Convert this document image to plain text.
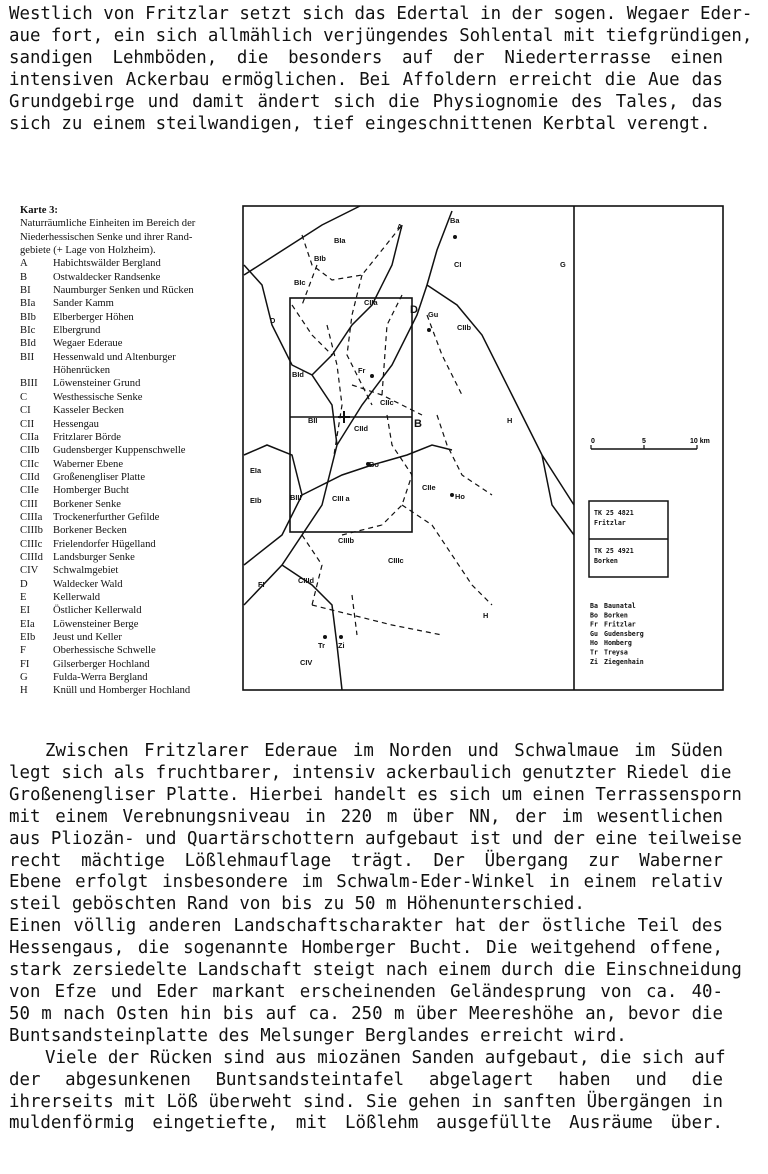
Westlich von Fritzlar setzt sich das Edertal in der sogen. Wegaer Eder-
aue fort, ein sich allmählich verjüngendes Sohlental mit tiefgründigen,
sandigen Lehmböden, die besonders auf der Niederterrasse einen
intensiven Ackerbau ermöglichen. Bei Affoldern erreicht die Aue das
Grundgebirge und damit ändert sich die Physiognomie des Tales, das
sich zu einem steilwandigen, tief eingeschnittenen Kerbtal verengt.
Karte 3:
Naturräumliche Einheiten im Bereich der
Niederhessischen Senke und ihrer Rand-
gebiete (+ Lage von Holzheim).
A	Habichtswälder Bergland
B	Ostwaldecker Randsenke
BI	Naumburger Senken und Rücken
BIa	Sander Kamm
BIb	Elberberger Höhen
BIc	Elbergrund
BId	Wegaer Ederaue
BII	Hessenwald und Altenburger
Höhenrücken
BIII	Löwensteiner Grund
C	Westhessische Senke
CI	Kasseler Becken
CII	Hessengau
CIIa	Fritzlarer Börde
CIIb	Gudensberger Kuppenschwelle
CIIc	Waberner Ebene
CIId	Großenengliser Platte
CIIe	Homberger Bucht
CIII	Borkener Senke
CIIIa	Trockenerfurther Gefilde
CIIIb Borkener Becken
CIIIc	Frielendorfer Hügelland
CIIId Landsburger Senke
CIV	Schwalmgebiet
D	Waldecker Wald
E	Kellerwald
EI	Östlicher Kellerwald
EIa	Löwensteiner Berge
EIb	Jeust und Keller
F	Oberhessische Schwelle
FI	Gilserberger Hochland
G	Fulda-Werra Bergland
H	Knüll und Homberger Hochland
A
Ba
CI	G
BIa
BIb
BIc
CIIa
D
D Gu
CIIb
BId	Fr
BII
CIIc
CIId	B	H
EIa
Bo
CIIe
Ho
EIb	BIII	CIII a
CIIIb
CIIIc
CIIId
FI
H
Tr Zi
CIV
0	5	10 km
TK 25 4821
Fritzlar
TK 25 4921
Borken
Ba Baunatal
Bo Borken
Fr Fritzlar
Gu Gudensberg
Ho Homberg
Tr Treysa
Zi Ziegenhain
Zwischen Fritzlarer Ederaue im Norden und Schwalmaue im Süden
legt sich als fruchtbarer, intensiv ackerbaulich genutzter Riedel die
Großenengliser Platte. Hierbei handelt es sich um einen Terrassensporn
mit einem Verebnungsniveau in 220 m über NN, der im wesentlichen
aus Pliozän- und Quartärschottern aufgebaut ist und der eine teilweise
recht mächtige Lößlehmauflage trägt. Der Übergang zur Waberner
Ebene erfolgt insbesondere im Schwalm-Eder-Winkel in einem relativ
steil geböschten Rand von bis zu 50 m Höhenunterschied.
Einen völlig anderen Landschaftscharakter hat der östliche Teil des
Hessengaus, die sogenannte Homberger Bucht. Die weitgehend offene,
stark zersiedelte Landschaft steigt nach einem durch die Einschneidung
von Efze und Eder markant erscheinenden Geländesprung von ca. 40-
50 m nach Osten hin bis auf ca. 250 m über Meereshöhe an, bevor die
Buntsandsteinplatte des Melsunger Berglandes erreicht wird.
Viele der Rücken sind aus miozänen Sanden aufgebaut, die sich auf
der abgesunkenen Buntsandsteintafel abgelagert haben und die
ihrerseits mit Löß überweht sind. Sie gehen in sanften Übergängen in
muldenförmig eingetiefte, mit Lößlehm ausgefüllte Ausräume über.
